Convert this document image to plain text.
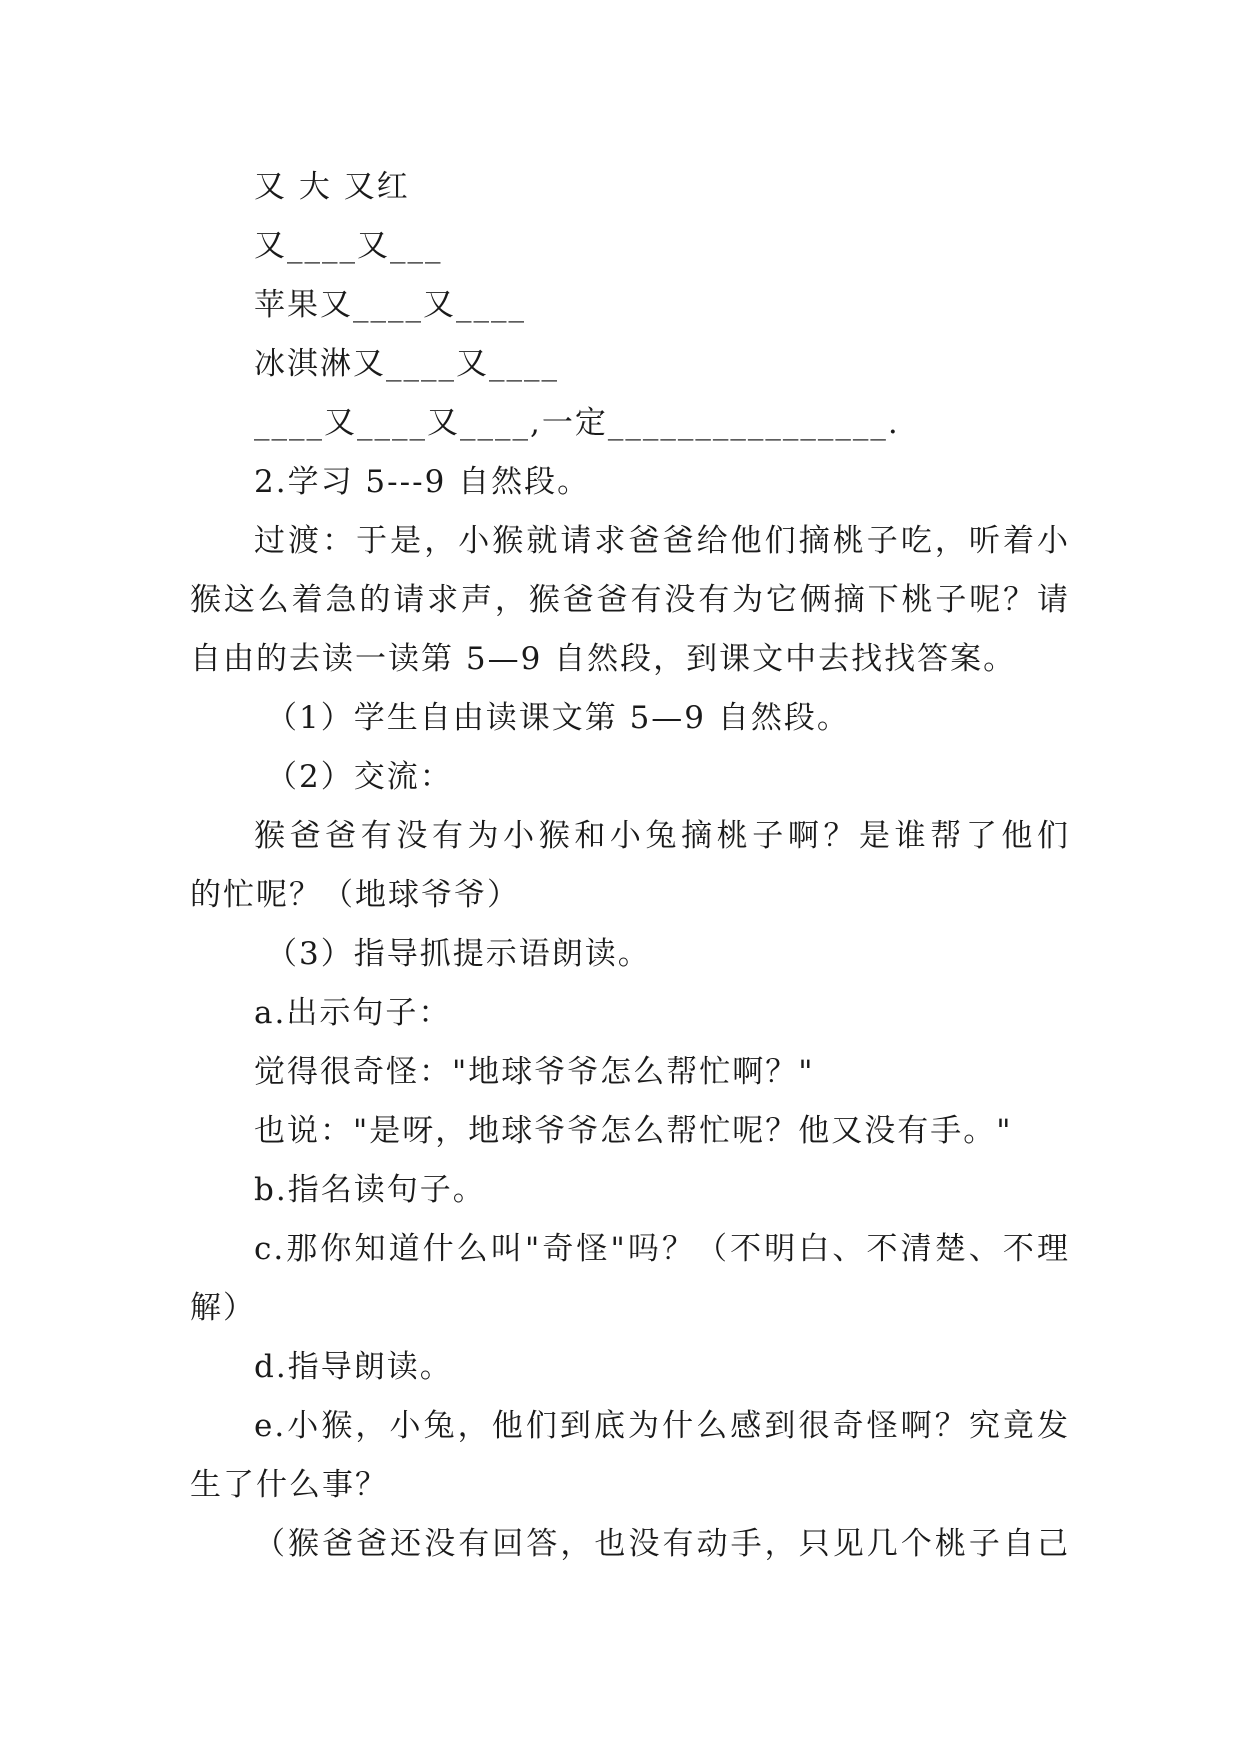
又 大 又红
又____又___
苹果又____又____
冰淇淋又____又____
____又____又____,一定________________.
2.学习 5---9 自然段。
过渡：于是，小猴就请求爸爸给他们摘桃子吃，听着小
猴这么着急的请求声，猴爸爸有没有为它俩摘下桃子呢？请
自由的去读一读第 5—9 自然段，到课文中去找找答案。
（1）学生自由读课文第 5—9 自然段。
（2）交流：
猴爸爸有没有为小猴和小兔摘桃子啊？是谁帮了他们
的忙呢？（地球爷爷）
（3）指导抓提示语朗读。
a.出示句子：
觉得很奇怪："地球爷爷怎么帮忙啊？"
也说："是呀，地球爷爷怎么帮忙呢？他又没有手。"
b.指名读句子。
c.那你知道什么叫"奇怪"吗？（不明白、不清楚、不理
解）
d.指导朗读。
e.小猴，小兔，他们到底为什么感到很奇怪啊？究竟发
生了什么事？
（猴爸爸还没有回答，也没有动手，只见几个桃子自己
